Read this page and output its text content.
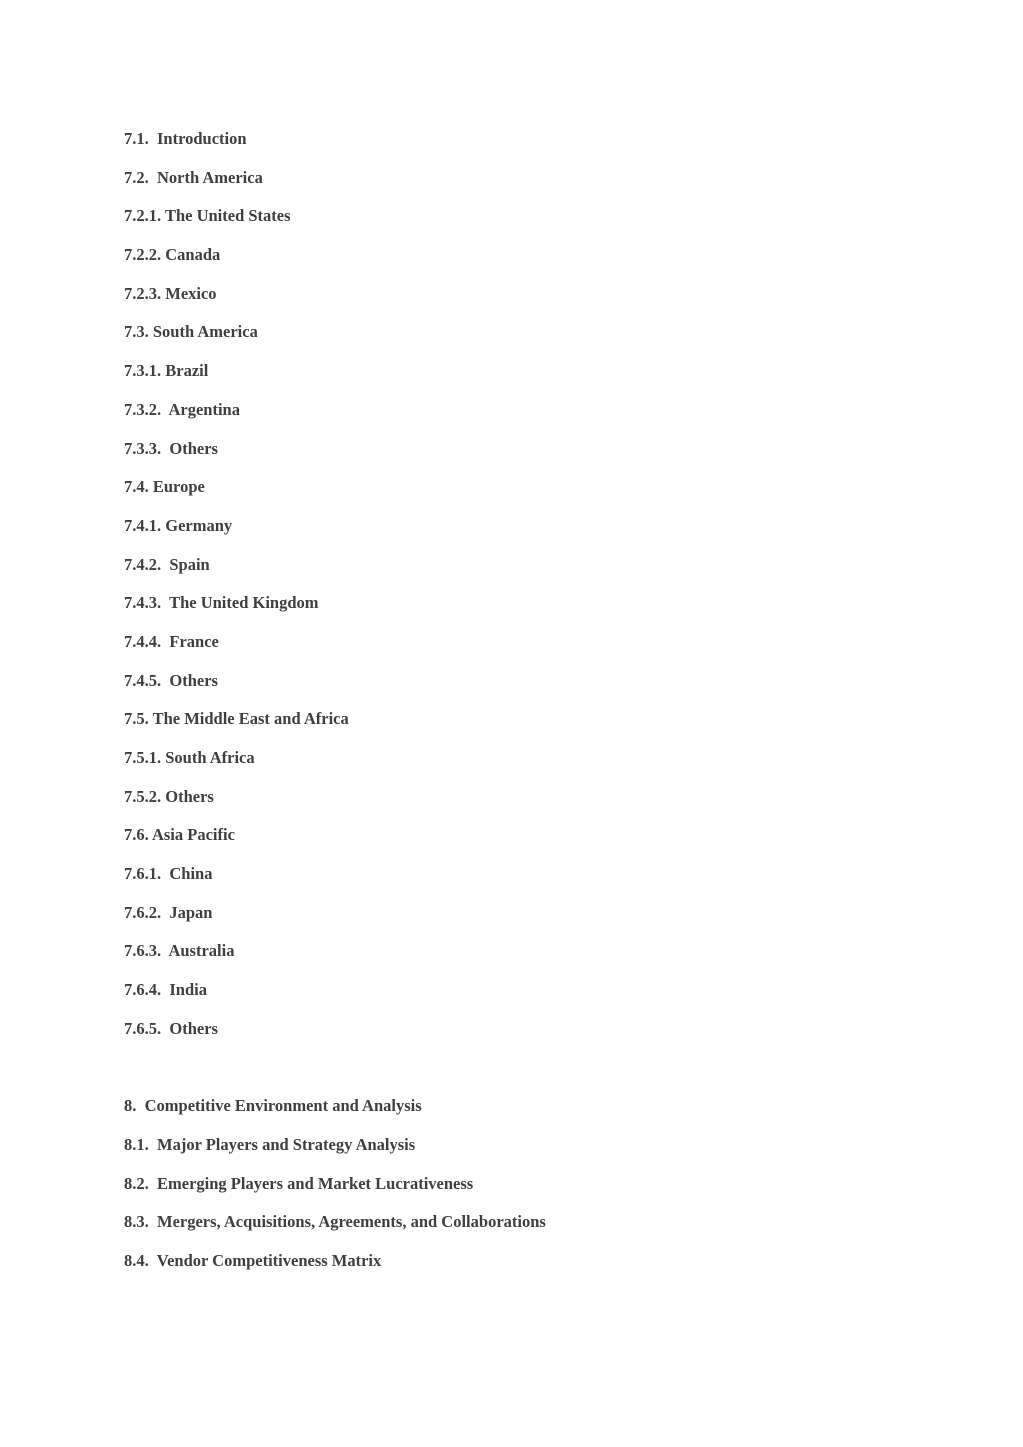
7.1.  Introduction

7.2.  North America

7.2.1. The United States

7.2.2. Canada

7.2.3. Mexico

7.3. South America

7.3.1. Brazil

7.3.2.  Argentina

7.3.3.  Others

7.4. Europe

7.4.1. Germany

7.4.2.  Spain

7.4.3.  The United Kingdom

7.4.4.  France

7.4.5.  Others

7.5. The Middle East and Africa

7.5.1. South Africa

7.5.2. Others

7.6. Asia Pacific

7.6.1.  China

7.6.2.  Japan

7.6.3.  Australia

7.6.4.  India

7.6.5.  Others

8.  Competitive Environment and Analysis

8.1.  Major Players and Strategy Analysis

8.2.  Emerging Players and Market Lucrativeness

8.3.  Mergers, Acquisitions, Agreements, and Collaborations

8.4.  Vendor Competitiveness Matrix
